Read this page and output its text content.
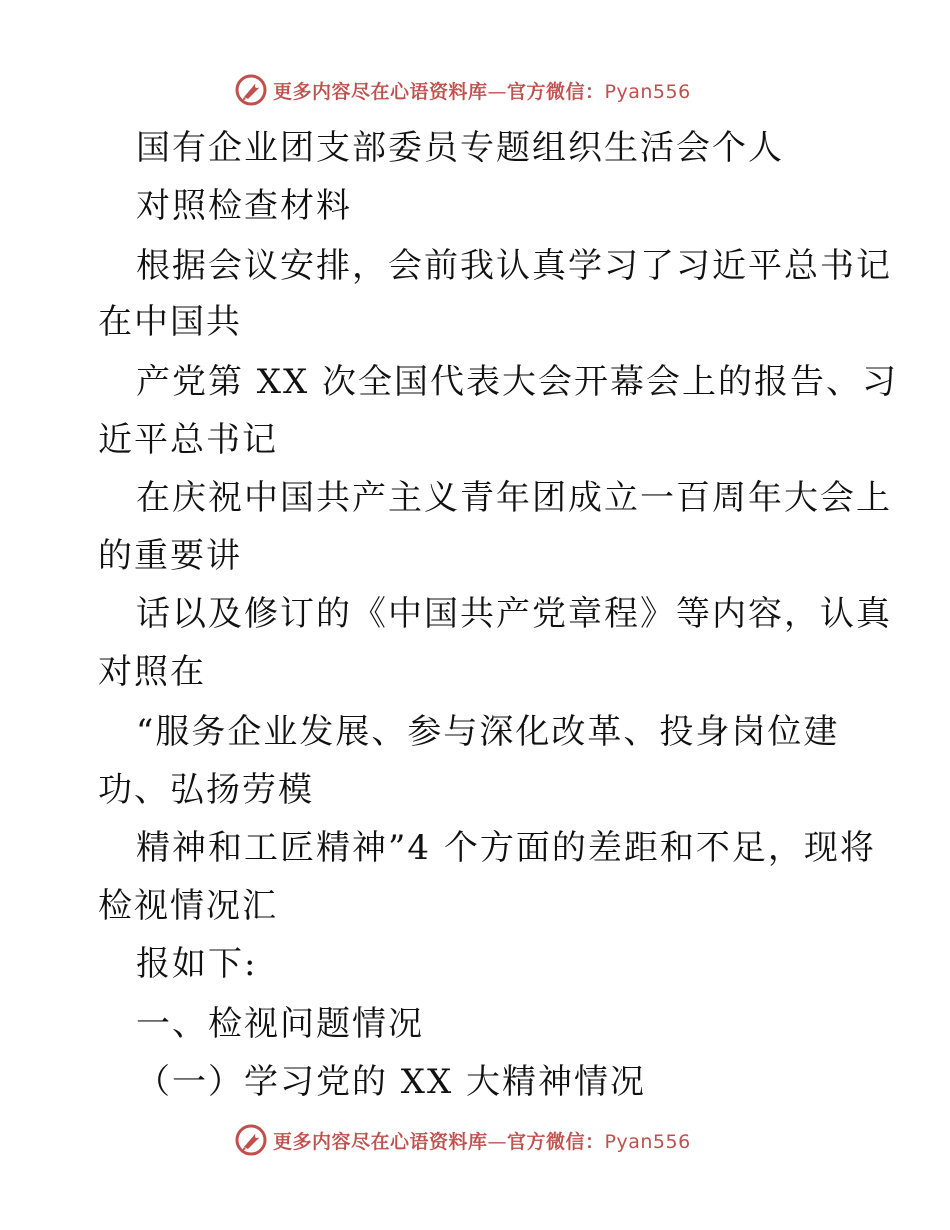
更多内容尽在心语资料库—官方微信：Pyan556
国有企业团支部委员专题组织生活会个人
对照检查材料
根据会议安排，会前我认真学习了习近平总书记
在中国共
产党第 XX 次全国代表大会开幕会上的报告、习
近平总书记
在庆祝中国共产主义青年团成立一百周年大会上
的重要讲
话以及修订的《中国共产党章程》等内容，认真
对照在
“服务企业发展、参与深化改革、投身岗位建
功、弘扬劳模
精神和工匠精神”4 个方面的差距和不足，现将
检视情况汇
报如下:
一、检视问题情况
（一）学习党的 XX 大精神情况
更多内容尽在心语资料库—官方微信：Pyan556
